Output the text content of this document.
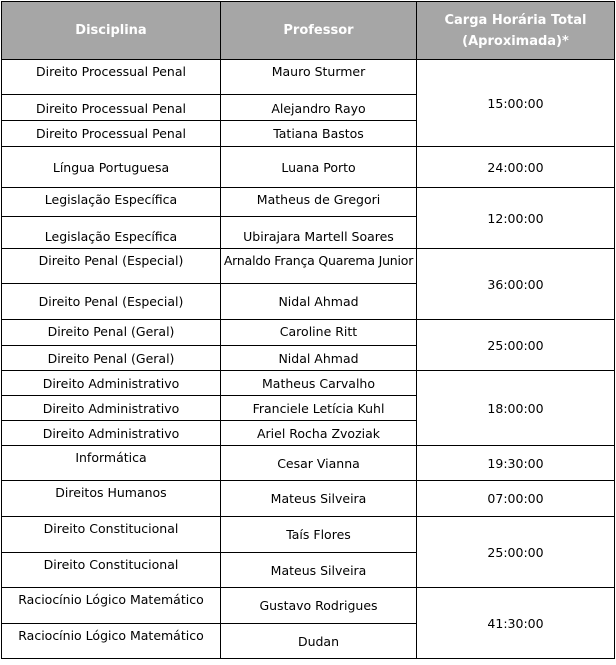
Disciplina	Professor	Carga Horária Total
(Aproximada)*
Direito Processual Penal	Mauro Sturmer	15:00:00
Direito Processual Penal	Alejandro Rayo	
Direito Processual Penal	Tatiana Bastos	
Língua Portuguesa	Luana Porto	24:00:00
Legislação Específica	Matheus de Gregori	12:00:00
Legislação Específica	Ubirajara Martell Soares	
Direito Penal (Especial)	Arnaldo França Quarema Junior	36:00:00
Direito Penal (Especial)	Nidal Ahmad	
Direito Penal (Geral)	Caroline Ritt	25:00:00
Direito Penal (Geral)	Nidal Ahmad	
Direito Administrativo	Matheus Carvalho	18:00:00
Direito Administrativo	Franciele Letícia Kuhl	
Direito Administrativo	Ariel Rocha Zvoziak	
Informática	Cesar Vianna	19:30:00
Direitos Humanos	Mateus Silveira	07:00:00
Direito Constitucional	Taís Flores	25:00:00
Direito Constitucional	Mateus Silveira	
Raciocínio Lógico Matemático	Gustavo Rodrigues	41:30:00
Raciocínio Lógico Matemático	Dudan	
